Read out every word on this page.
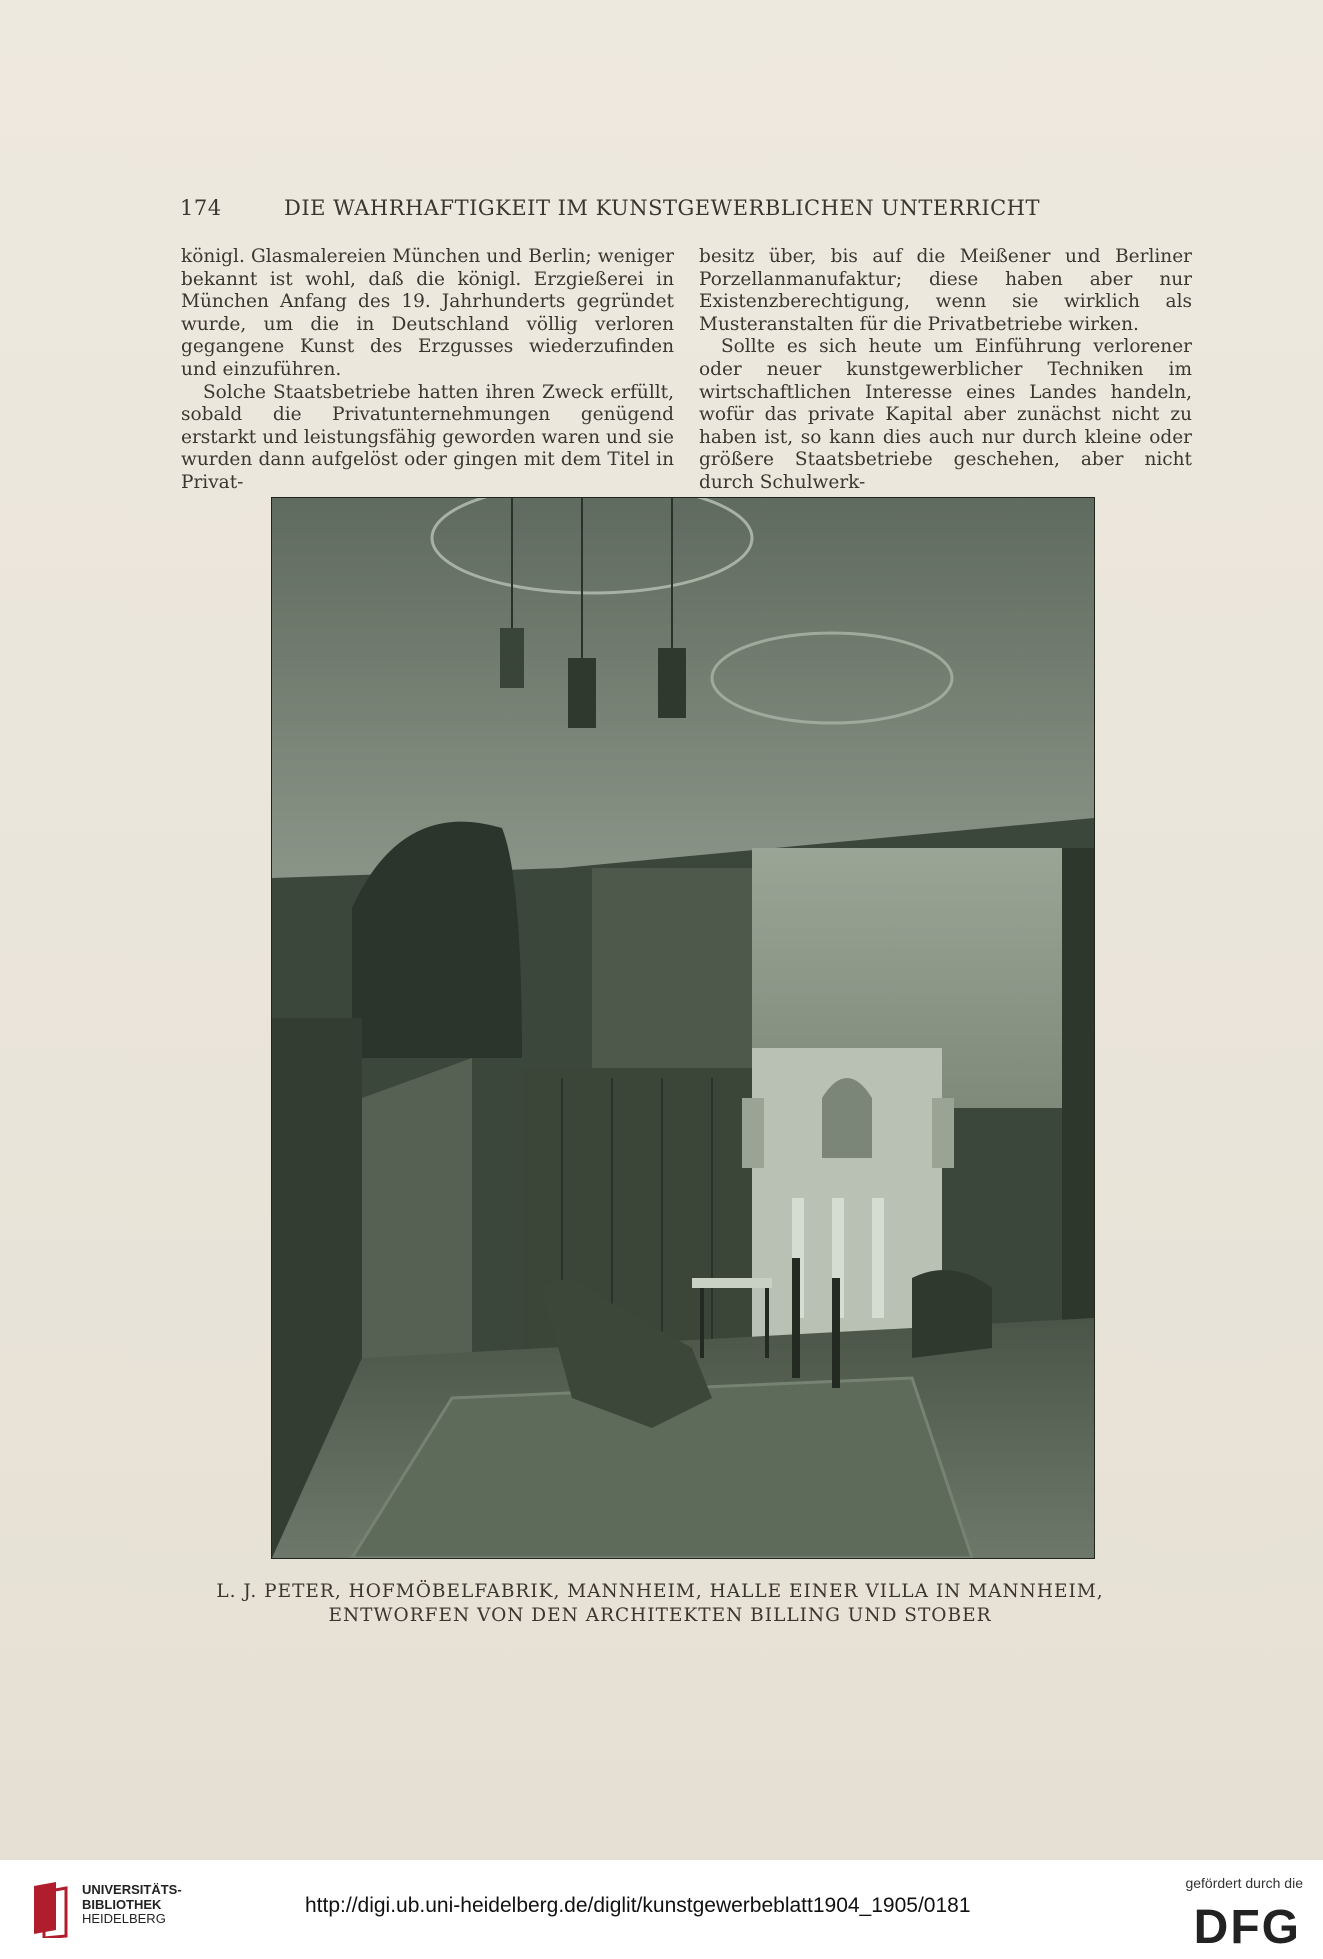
174	DIE WAHRHAFTIGKEIT IM KUNSTGEWERBLICHEN UNTERRICHT

königl. Glasmalereien München und Berlin; weniger bekannt ist wohl, daß die königl. Erzgießerei in München Anfang des 19. Jahrhunderts gegründet wurde, um die in Deutschland völlig verloren gegangene Kunst des Erzgusses wiederzufinden und einzuführen.

Solche Staatsbetriebe hatten ihren Zweck erfüllt, sobald die Privatunternehmungen genügend erstarkt und leistungsfähig geworden waren und sie wurden dann aufgelöst oder gingen mit dem Titel in Privat-

besitz über, bis auf die Meißener und Berliner Porzellanmanufaktur; diese haben aber nur Existenzberechtigung, wenn sie wirklich als Musteranstalten für die Privatbetriebe wirken.

Sollte es sich heute um Einführung verlorener oder neuer kunstgewerblicher Techniken im wirtschaftlichen Interesse eines Landes handeln, wofür das private Kapital aber zunächst nicht zu haben ist, so kann dies auch nur durch kleine oder größere Staatsbetriebe geschehen, aber nicht durch Schulwerk-

L. J. PETER, HOFMÖBELFABRIK, MANNHEIM, HALLE EINER VILLA IN MANNHEIM,
ENTWORFEN VON DEN ARCHITEKTEN BILLING UND STOBER
UNIVERSITÄTS-
BIBLIOTHEK
HEIDELBERG
http://digi.ub.uni-heidelberg.de/diglit/kunstgewerbeblatt1904_1905/0181
gefördert durch die
DFG
